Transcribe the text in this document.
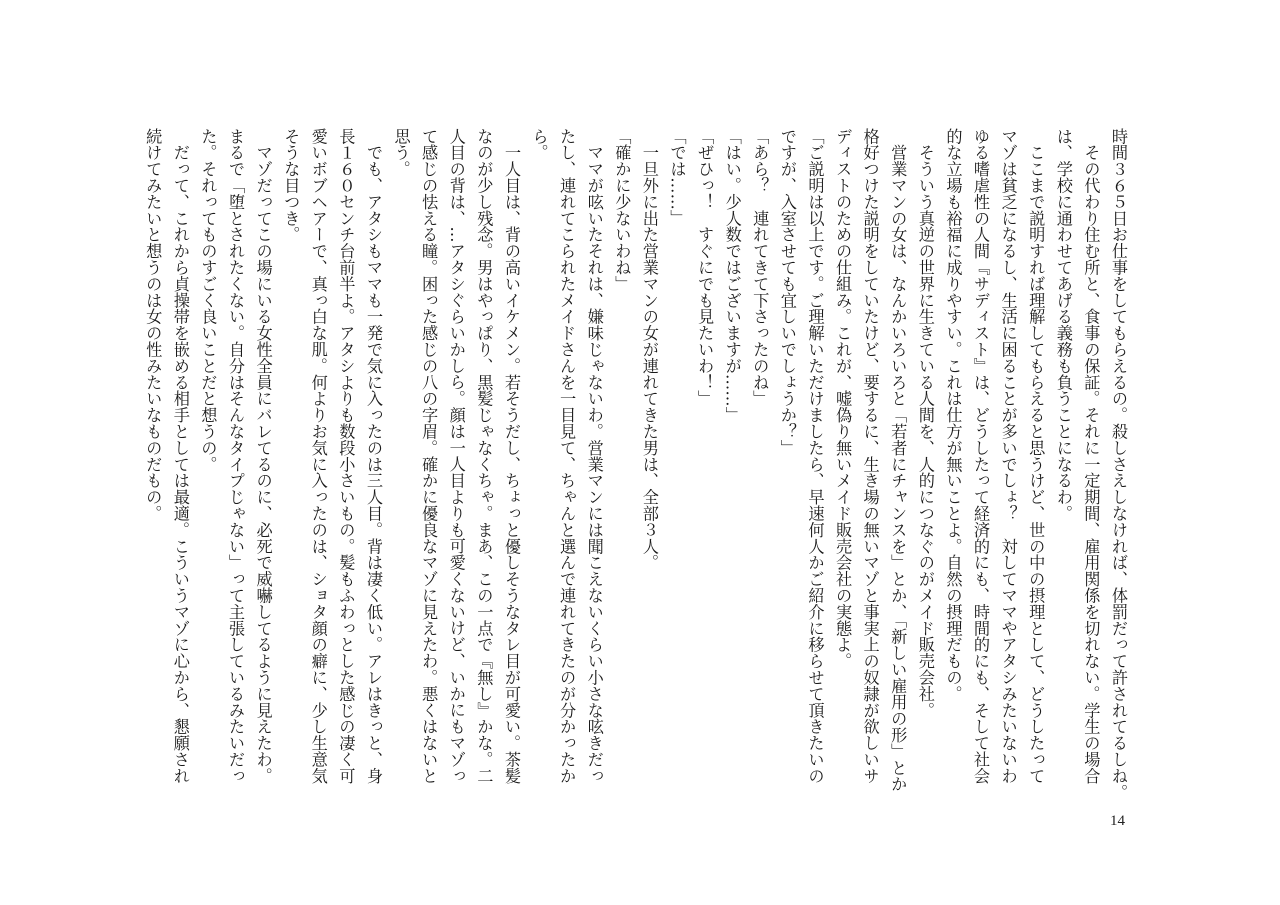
時間３６５日お仕事をしてもらえるの。殺しさえしなければ、体罰だって許されてるしね。
　その代わり住む所と、食事の保証。それに一定期間、雇用関係を切れない。学生の場合
は、学校に通わせてあげる義務も負うことになるわ。
　ここまで説明すれば理解してもらえると思うけど、世の中の摂理として、どうしたって
マゾは貧乏になるし、生活に困ることが多いでしょ？　対してママやアタシみたいないわ
ゆる嗜虐性の人間『サディスト』は、どうしたって経済的にも、時間的にも、そして社会
的な立場も裕福に成りやすい。これは仕方が無いことよ。自然の摂理だもの。
　そういう真逆の世界に生きている人間を、人的につなぐのがメイド販売会社。
　営業マンの女は、なんかいろいろと「若者にチャンスを」とか、「新しい雇用の形」とか
格好つけた説明をしていたけど、要するに、生き場の無いマゾと事実上の奴隷が欲しいサ
ディストのための仕組み。これが、嘘偽り無いメイド販売会社の実態よ。
「ご説明は以上です。ご理解いただけましたら、早速何人かご紹介に移らせて頂きたいの
ですが、入室させても宜しいでしょうか？」
「あら？　連れてきて下さったのね」
「はい。少人数ではございますが……」
「ぜひっ！　すぐにでも見たいわ！」
「では……」
　一旦外に出た営業マンの女が連れてきた男は、全部３人。
「確かに少ないわね」
　ママが呟いたそれは、嫌味じゃないわ。営業マンには聞こえないくらい小さな呟きだっ
たし、連れてこられたメイドさんを一目見て、ちゃんと選んで連れてきたのが分かったか
ら。
　一人目は、背の高いイケメン。若そうだし、ちょっと優しそうなタレ目が可愛い。茶髪
なのが少し残念。男はやっぱり、黒髪じゃなくちゃ。まあ、この一点で『無し』かな。二
人目の背は、…アタシぐらいかしら。顔は一人目よりも可愛くないけど、いかにもマゾっ
て感じの怯える瞳。困った感じの八の字眉。確かに優良なマゾに見えたわ。悪くはないと
思う。
　でも、アタシもママも一発で気に入ったのは三人目。背は凄く低い。アレはきっと、身
長１６０センチ台前半よ。アタシよりも数段小さいもの。髪もふわっとした感じの凄く可
愛いボブヘアーで、真っ白な肌。何よりお気に入ったのは、ショタ顔の癖に、少し生意気
そうな目つき。
　マゾだってこの場にいる女性全員にバレてるのに、必死で威嚇してるように見えたわ。
まるで「堕とされたくない。自分はそんなタイプじゃない」って主張しているみたいだっ
た。それってものすごく良いことだと想うの。
　だって、これから貞操帯を嵌める相手としては最適。こういうマゾに心から、懇願され
続けてみたいと想うのは女の性みたいなものだもの。
14
